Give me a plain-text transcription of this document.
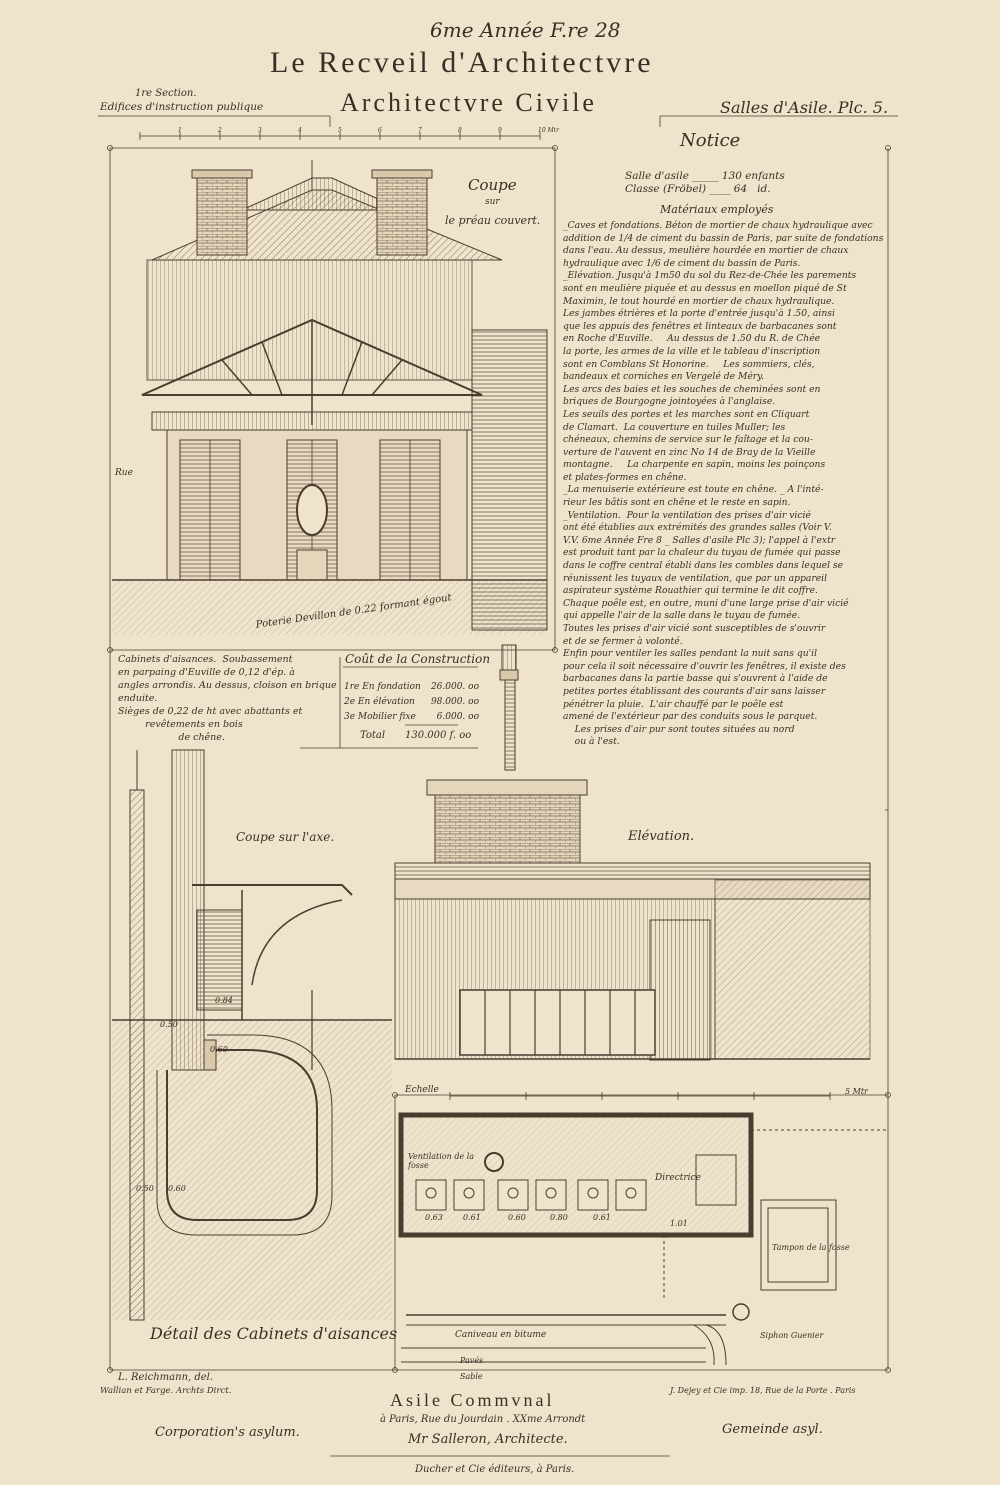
6me Année F.re 28
Le Recveil d'Architectvre
1re Section.
Edifices d'instruction publique	Architectvre Civile	Salles d'Asile. Plc. 5.
1	2	3	4	5	6	7	8	9	10 Mtr
Coupe
sur
le préau couvert.
Rue
Poterie Devillon de 0.22 formant égout
Notice
Salle d'asile _____ 130 enfants
Classe (Fröbel) ____ 64   id.
Matériaux employés
_Caves et fondations. Béton de mortier de chaux hydraulique avec
addition de 1/4 de ciment du bassin de Paris, par suite de fondations
dans l'eau. Au dessus, meulière hourdée en mortier de chaux
hydraulique avec 1/6 de ciment du bassin de Paris.
_Elévation. Jusqu'à 1m50 du sol du Rez-de-Chée les parements
sont en meulière piquée et au dessus en moellon piqué de St
Maximin, le tout hourdé en mortier de chaux hydraulique.
Les jambes étrières et la porte d'entrée jusqu'à 1.50, ainsi
que les appuis des fenêtres et linteaux de barbacanes sont
en Roche d'Euville.     Au dessus de 1.50 du R. de Chée
la porte, les armes de la ville et le tableau d'inscription
sont en Comblans St Honorine.     Les sommiers, clés,
bandeaux et corniches en Vergelé de Méry.
Les arcs des baies et les souches de cheminées sont en
briques de Bourgogne jointoyées à l'anglaise.
Les seuils des portes et les marches sont en Cliquart
de Clamart.  La couverture en tuiles Muller; les
chéneaux, chemins de service sur le faîtage et la cou-
verture de l'auvent en zinc No 14 de Bray de la Vieille
montagne.     La charpente en sapin, moins les poinçons
et plates-formes en chêne.
_La menuiserie extérieure est toute en chêne. _ A l'inté-
rieur les bâtis sont en chêne et le reste en sapin.
_Ventilation.  Pour la ventilation des prises d'air vicié
ont été établies aux extrémités des grandes salles (Voir V.
V.V. 6me Année Fre 8 _ Salles d'asile Plc 3); l'appel à l'extr
est produit tant par la chaleur du tuyau de fumée qui passe
dans le coffre central établi dans les combles dans lequel se
réunissent les tuyaux de ventilation, que par un appareil
aspirateur système Rouathier qui termine le dit coffre.
Chaque poêle est, en outre, muni d'une large prise d'air vicié
qui appelle l'air de la salle dans le tuyau de fumée.
Toutes les prises d'air vicié sont susceptibles de s'ouvrir
et de se fermer à volonté.
Enfin pour ventiler les salles pendant la nuit sans qu'il
pour cela il soit nécessaire d'ouvrir les fenêtres, il existe des
barbacanes dans la partie basse qui s'ouvrent à l'aide de
petites portes établissant des courants d'air sans laisser
pénétrer la pluie.  L'air chauffé par le poêle est
amené de l'extérieur par des conduits sous le parquet.
Les prises d'air pur sont toutes situées au nord
ou à l'est.
Cabinets d'aisances.  Soubassement
en parpaing d'Euville de 0,12 d'ép. à
angles arrondis. Au dessus, cloison en brique
enduite.
Sièges de 0,22 de ht avec abattants et
revêtements en bois
de chêne.
Coût de la Construction
1re En fondation 26.000. oo
2e En élévation 98.000. oo
3e Mobilier fixe 6.000. oo
Total 130.000 f. oo
Coupe sur l'axe.
0.84
0.50
0.60
0.50 0.60
Elévation.
Echelle	5 Mtr
Ventilation de la fosse
Directrice
Tampon de la fosse
Caniveau en bitume	Siphon Guenier
Pavés
Sable
0.63	0.61	0.60	0.80	0.61
1.01
Détail des Cabinets d'aisances
L. Reichmann, del.
Wallian et Farge. Archts Dirct.	J. Dejey et Cie imp. 18, Rue de la Porte . Paris
Asile Commvnal
à Paris, Rue du Jourdain . XXme Arrondt
Mr Salleron, Architecte.
Corporation's asylum.	Gemeinde asyl.
Ducher et Cie éditeurs, à Paris.
